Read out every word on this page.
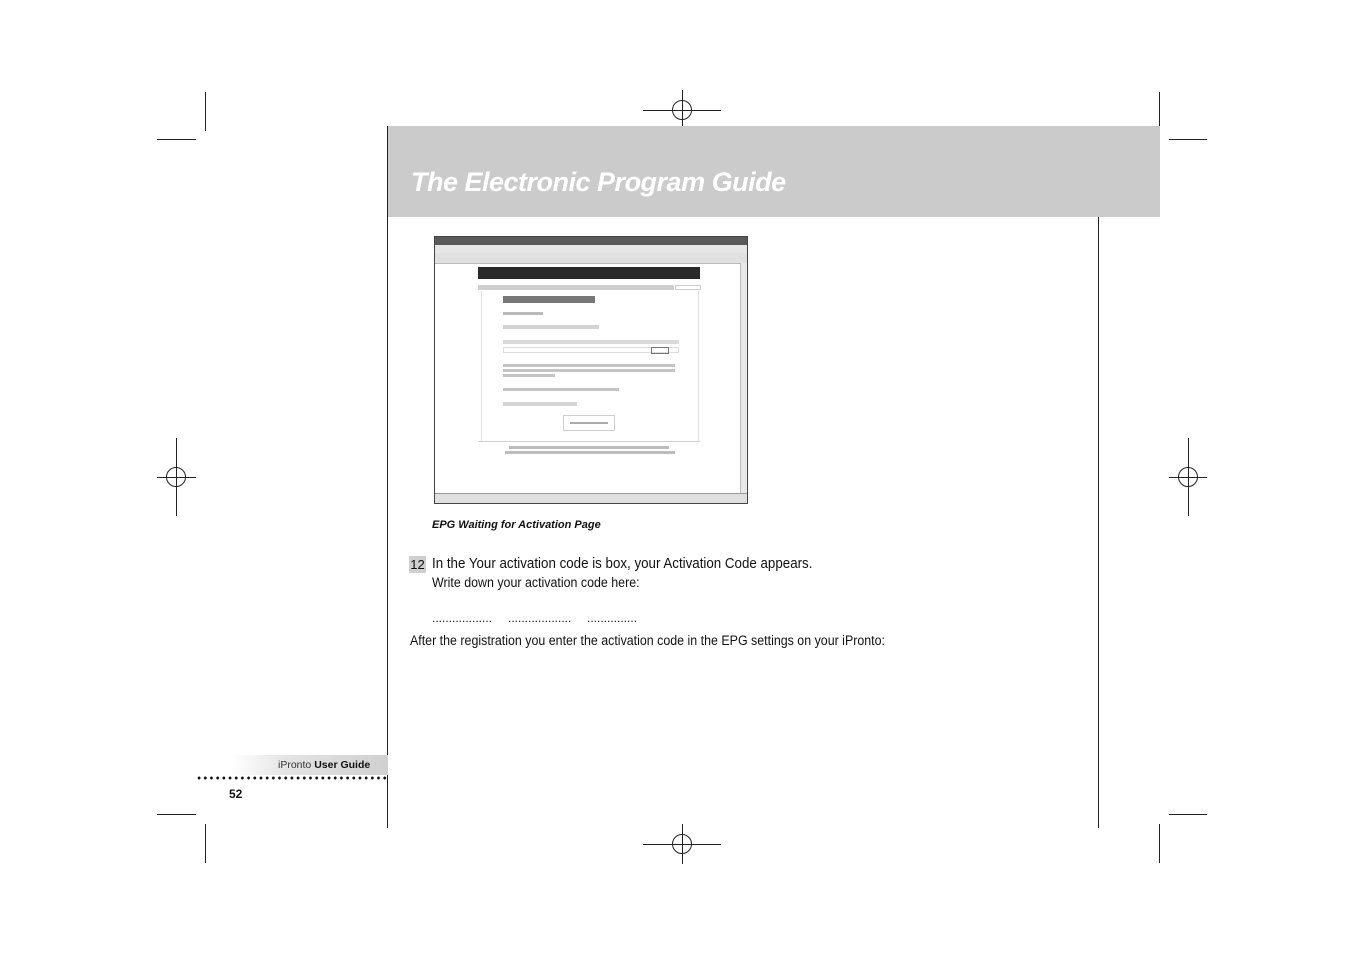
The Electronic Program Guide
EPG Waiting for Activation Page
12 In the Your activation code is box, your Activation Code appears.
Write down your activation code here:
.................. ................... ...............
After the registration you enter the activation code in the EPG settings on your iPronto:
iPronto User Guide
52
